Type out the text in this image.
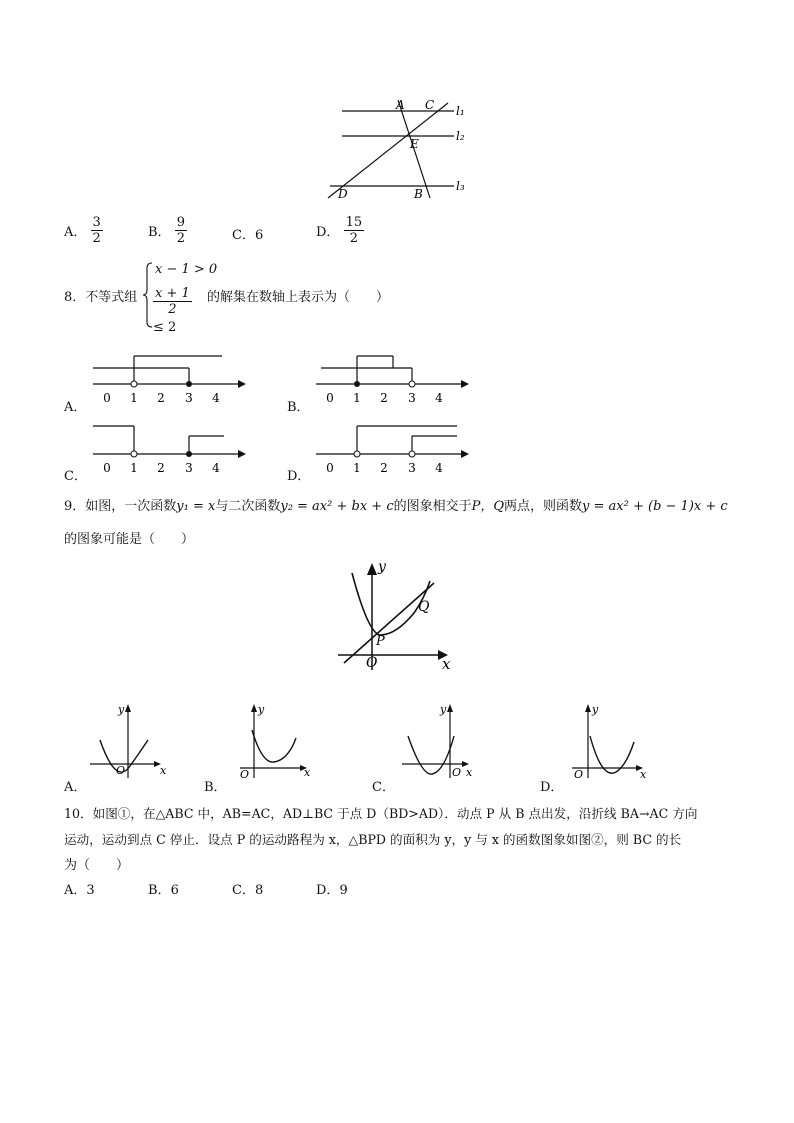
A C
E
D	B
l₁
l₂
l₃
A． $\frac{3}{2}$	B． $\frac{9}{2}$	C．6	D． $\frac{15}{2}$
8．不等式组
x − 1 > 0
$\frac{x + 1}{2}$
≤ 2
的解集在数轴上表示为（　　）
A．
0 1 2 3 4
B．
0 1 2 3 4
C．
0 1 2 3 4
D．
0 1 2 3 4
9．如图，一次函数y₁ = x与二次函数y₂ = ax² + bx + c的图象相交于P，Q两点，则函数y = ax² + (b − 1)x + c
的图象可能是（　　）
y
x
O
P
Q
A．
y
x
O
B．
y
x
O
C．
y
x
O
D．
y
x
O
10．如图①，在△ABC 中，AB=AC，AD⊥BC 于点 D（BD>AD）．动点 P 从 B 点出发，沿折线 BA→AC 方向
运动，运动到点 C 停止．设点 P 的运动路程为 x，△BPD 的面积为 y，y 与 x 的函数图象如图②，则 BC 的长
为（　　）
A．3	B．6	C．8	D．9
